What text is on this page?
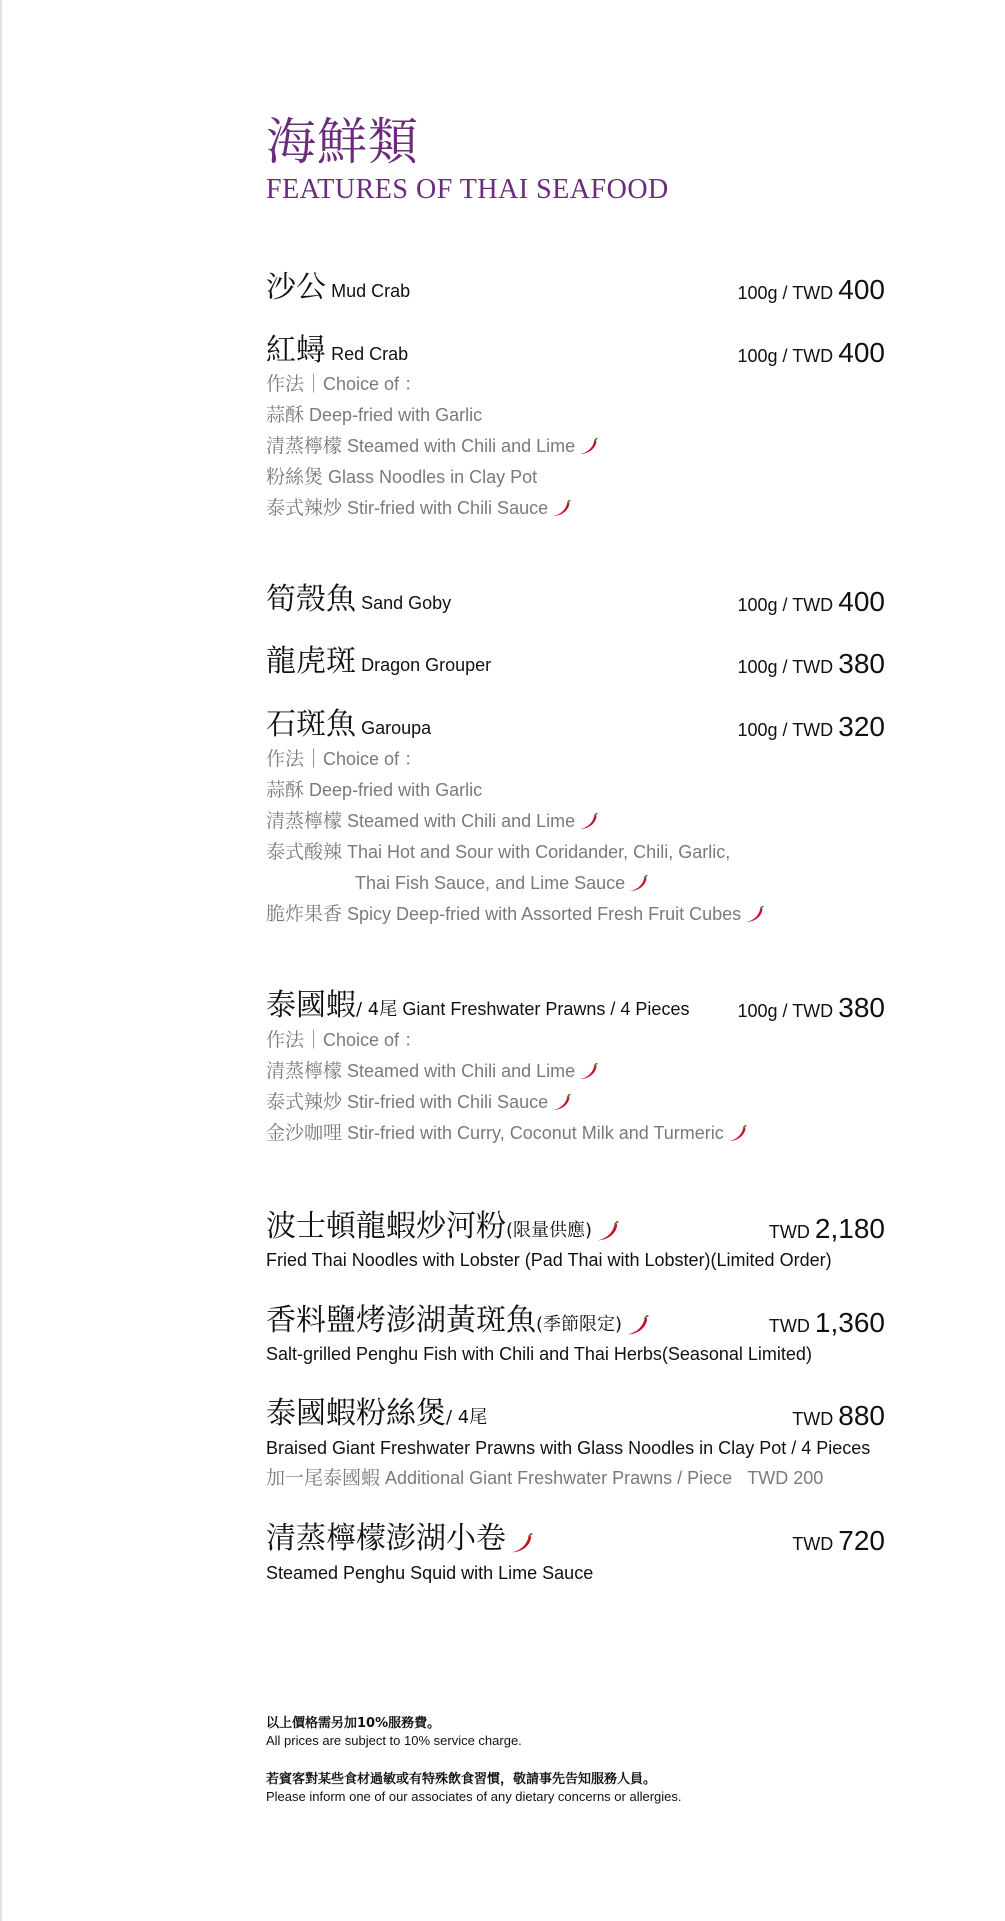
海鮮類
FEATURES OF THAI SEAFOOD
沙公 Mud Crab	100g / TWD 400
紅蟳 Red Crab	100g / TWD 400
作法｜Choice of ：
蒜酥 Deep-fried with Garlic
清蒸檸檬 Steamed with Chili and Lime
粉絲煲 Glass Noodles in Clay Pot
泰式辣炒 Stir-fried with Chili Sauce
筍殼魚 Sand Goby	100g / TWD 400
龍虎斑 Dragon Grouper	100g / TWD 380
石斑魚 Garoupa	100g / TWD 320
作法｜Choice of ：
蒜酥 Deep-fried with Garlic
清蒸檸檬 Steamed with Chili and Lime
泰式酸辣 Thai Hot and Sour with Coridander, Chili, Garlic,
Thai Fish Sauce, and Lime Sauce
脆炸果香 Spicy Deep-fried with Assorted Fresh Fruit Cubes
泰國蝦/ 4尾 Giant Freshwater Prawns / 4 Pieces	100g / TWD 380
作法｜Choice of ：
清蒸檸檬 Steamed with Chili and Lime
泰式辣炒 Stir-fried with Chili Sauce
金沙咖哩 Stir-fried with Curry, Coconut Milk and Turmeric
波士頓龍蝦炒河粉(限量供應)	TWD 2,180
Fried Thai Noodles with Lobster (Pad Thai with Lobster)(Limited Order)
香料鹽烤澎湖黃斑魚(季節限定)	TWD 1,360
Salt-grilled Penghu Fish with Chili and Thai Herbs(Seasonal Limited)
泰國蝦粉絲煲/ 4尾	TWD 880
Braised Giant Freshwater Prawns with Glass Noodles in Clay Pot / 4 Pieces
加一尾泰國蝦 Additional Giant Freshwater Prawns / Piece TWD 200
清蒸檸檬澎湖小卷	TWD 720
Steamed Penghu Squid with Lime Sauce
以上價格需另加10%服務費。
All prices are subject to 10% service charge.
若賓客對某些食材過敏或有特殊飲食習慣，敬請事先告知服務人員。
Please inform one of our associates of any dietary concerns or allergies.
